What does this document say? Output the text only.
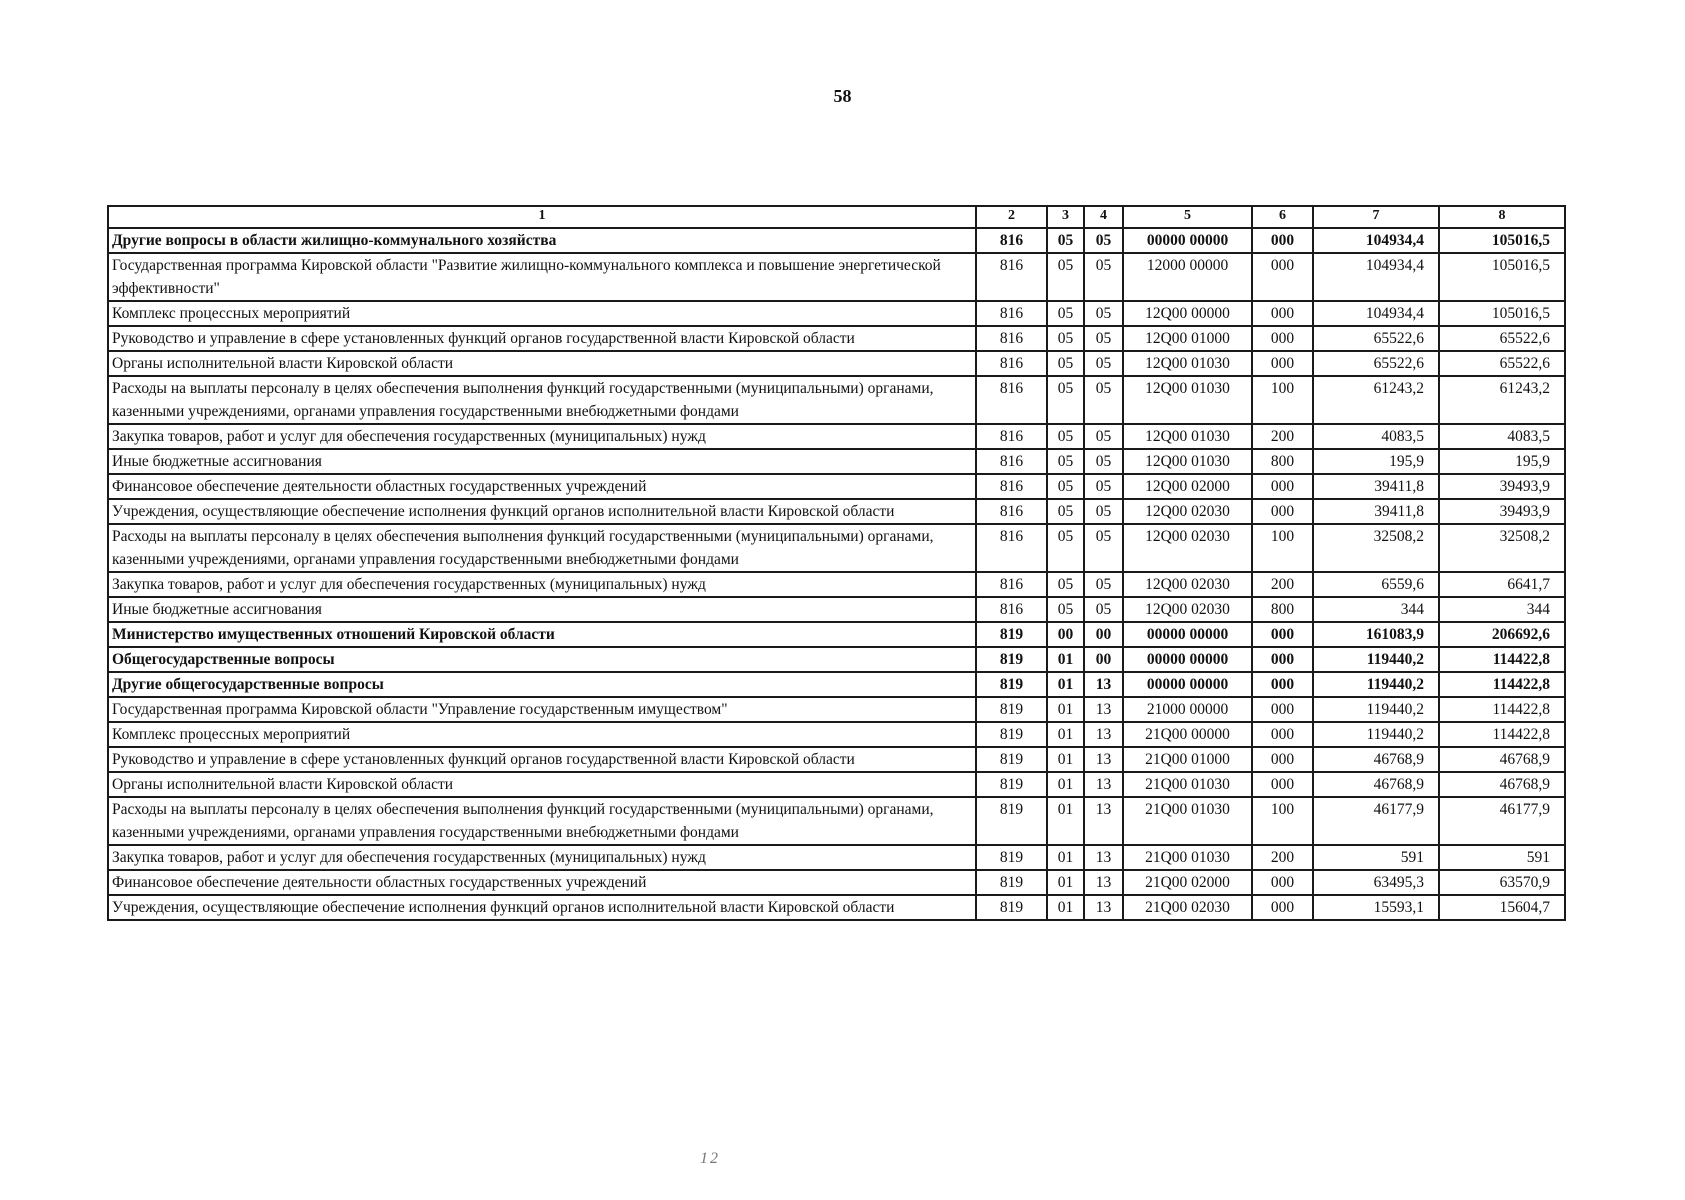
58
1	2	3	4	5	6	7	8
Другие вопросы в области жилищно-коммунального хозяйства	816	05	05	00000 00000	000	104934,4	105016,5
Государственная программа Кировской области "Развитие жилищно-коммунального комплекса и повышение энергетической эффективности"	816	05	05	12000 00000	000	104934,4	105016,5
Комплекс процессных мероприятий	816	05	05	12Q00 00000	000	104934,4	105016,5
Руководство и управление в сфере установленных функций органов государственной власти Кировской области	816	05	05	12Q00 01000	000	65522,6	65522,6
Органы исполнительной власти Кировской области	816	05	05	12Q00 01030	000	65522,6	65522,6
Расходы на выплаты персоналу в целях обеспечения выполнения функций государственными (муниципальными) органами, казенными учреждениями, органами управления государственными внебюджетными фондами	816	05	05	12Q00 01030	100	61243,2	61243,2
Закупка товаров, работ и услуг для обеспечения государственных (муниципальных) нужд	816	05	05	12Q00 01030	200	4083,5	4083,5
Иные бюджетные ассигнования	816	05	05	12Q00 01030	800	195,9	195,9
Финансовое обеспечение деятельности областных государственных учреждений	816	05	05	12Q00 02000	000	39411,8	39493,9
Учреждения, осуществляющие обеспечение исполнения функций органов исполнительной власти Кировской области	816	05	05	12Q00 02030	000	39411,8	39493,9
Расходы на выплаты персоналу в целях обеспечения выполнения функций государственными (муниципальными) органами, казенными учреждениями, органами управления государственными внебюджетными фондами	816	05	05	12Q00 02030	100	32508,2	32508,2
Закупка товаров, работ и услуг для обеспечения государственных (муниципальных) нужд	816	05	05	12Q00 02030	200	6559,6	6641,7
Иные бюджетные ассигнования	816	05	05	12Q00 02030	800	344	344
Министерство имущественных отношений Кировской области	819	00	00	00000 00000	000	161083,9	206692,6
Общегосударственные вопросы	819	01	00	00000 00000	000	119440,2	114422,8
Другие общегосударственные вопросы	819	01	13	00000 00000	000	119440,2	114422,8
Государственная программа Кировской области "Управление государственным имуществом"	819	01	13	21000 00000	000	119440,2	114422,8
Комплекс процессных мероприятий	819	01	13	21Q00 00000	000	119440,2	114422,8
Руководство и управление в сфере установленных функций органов государственной власти Кировской области	819	01	13	21Q00 01000	000	46768,9	46768,9
Органы исполнительной власти Кировской области	819	01	13	21Q00 01030	000	46768,9	46768,9
Расходы на выплаты персоналу в целях обеспечения выполнения функций государственными (муниципальными) органами, казенными учреждениями, органами управления государственными внебюджетными фондами	819	01	13	21Q00 01030	100	46177,9	46177,9
Закупка товаров, работ и услуг для обеспечения государственных (муниципальных) нужд	819	01	13	21Q00 01030	200	591	591
Финансовое обеспечение деятельности областных государственных учреждений	819	01	13	21Q00 02000	000	63495,3	63570,9
Учреждения, осуществляющие обеспечение исполнения функций органов исполнительной власти Кировской области	819	01	13	21Q00 02030	000	15593,1	15604,7
12
